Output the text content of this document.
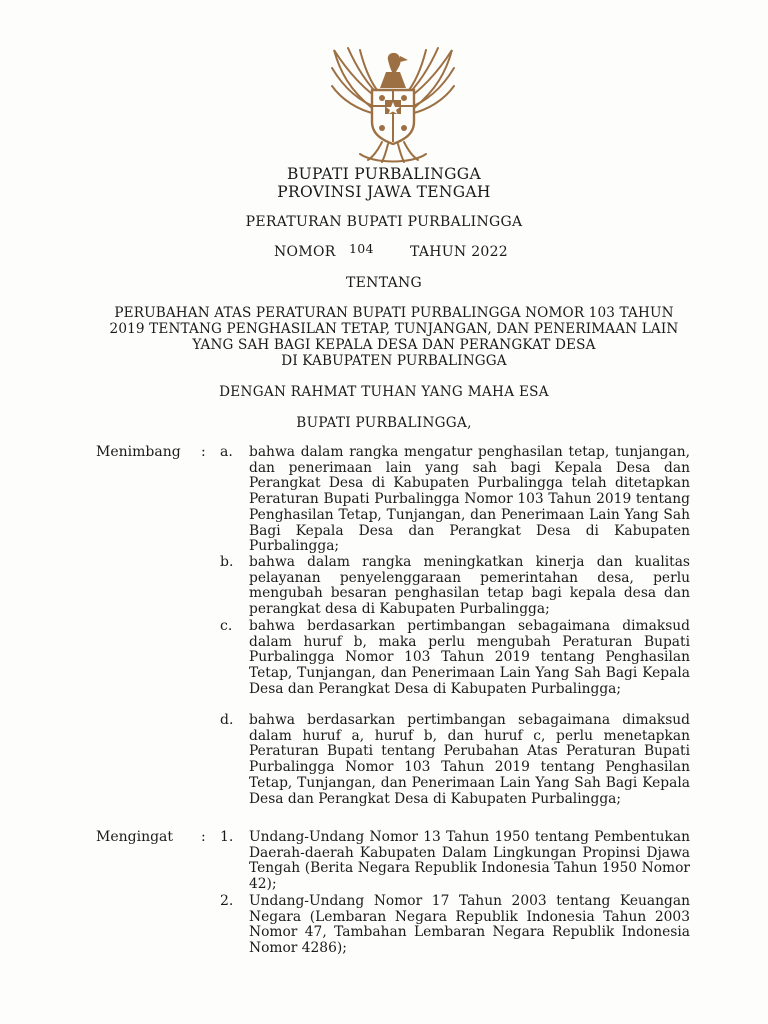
BUPATI PURBALINGGA
PROVINSI JAWA TENGAH
PERATURAN BUPATI PURBALINGGA
NOMOR 104	TAHUN 2022
TENTANG
PERUBAHAN ATAS PERATURAN BUPATI PURBALINGGA NOMOR 103 TAHUN
2019 TENTANG PENGHASILAN TETAP, TUNJANGAN, DAN PENERIMAAN LAIN
YANG SAH BAGI KEPALA DESA DAN PERANGKAT DESA
DI KABUPATEN PURBALINGGA
DENGAN RAHMAT TUHAN YANG MAHA ESA
BUPATI PURBALINGGA,
Menimbang : a. bahwa dalam rangka mengatur penghasilan tetap, tunjangan, dan penerimaan lain yang sah bagi Kepala Desa dan Perangkat Desa di Kabupaten Purbalingga telah ditetapkan Peraturan Bupati Purbalingga Nomor 103 Tahun 2019 tentang Penghasilan Tetap, Tunjangan, dan Penerimaan Lain Yang Sah Bagi Kepala Desa dan Perangkat Desa di Kabupaten Purbalingga;
b. bahwa dalam rangka meningkatkan kinerja dan kualitas pelayanan penyelenggaraan pemerintahan desa, perlu mengubah besaran penghasilan tetap bagi kepala desa dan perangkat desa di Kabupaten Purbalingga;
c. bahwa berdasarkan pertimbangan sebagaimana dimaksud dalam huruf b, maka perlu mengubah Peraturan Bupati Purbalingga Nomor 103 Tahun 2019 tentang Penghasilan Tetap, Tunjangan, dan Penerimaan Lain Yang Sah Bagi Kepala Desa dan Perangkat Desa di Kabupaten Purbalingga;
d. bahwa berdasarkan pertimbangan sebagaimana dimaksud dalam huruf a, huruf b, dan huruf c, perlu menetapkan Peraturan Bupati tentang Perubahan Atas Peraturan Bupati Purbalingga Nomor 103 Tahun 2019 tentang Penghasilan Tetap, Tunjangan, dan Penerimaan Lain Yang Sah Bagi Kepala Desa dan Perangkat Desa di Kabupaten Purbalingga;
Mengingat : 1. Undang-Undang Nomor 13 Tahun 1950 tentang Pembentukan Daerah-daerah Kabupaten Dalam Lingkungan Propinsi Djawa Tengah (Berita Negara Republik Indonesia Tahun 1950 Nomor 42);
2. Undang-Undang Nomor 17 Tahun 2003 tentang Keuangan Negara (Lembaran Negara Republik Indonesia Tahun 2003 Nomor 47, Tambahan Lembaran Negara Republik Indonesia Nomor 4286);
